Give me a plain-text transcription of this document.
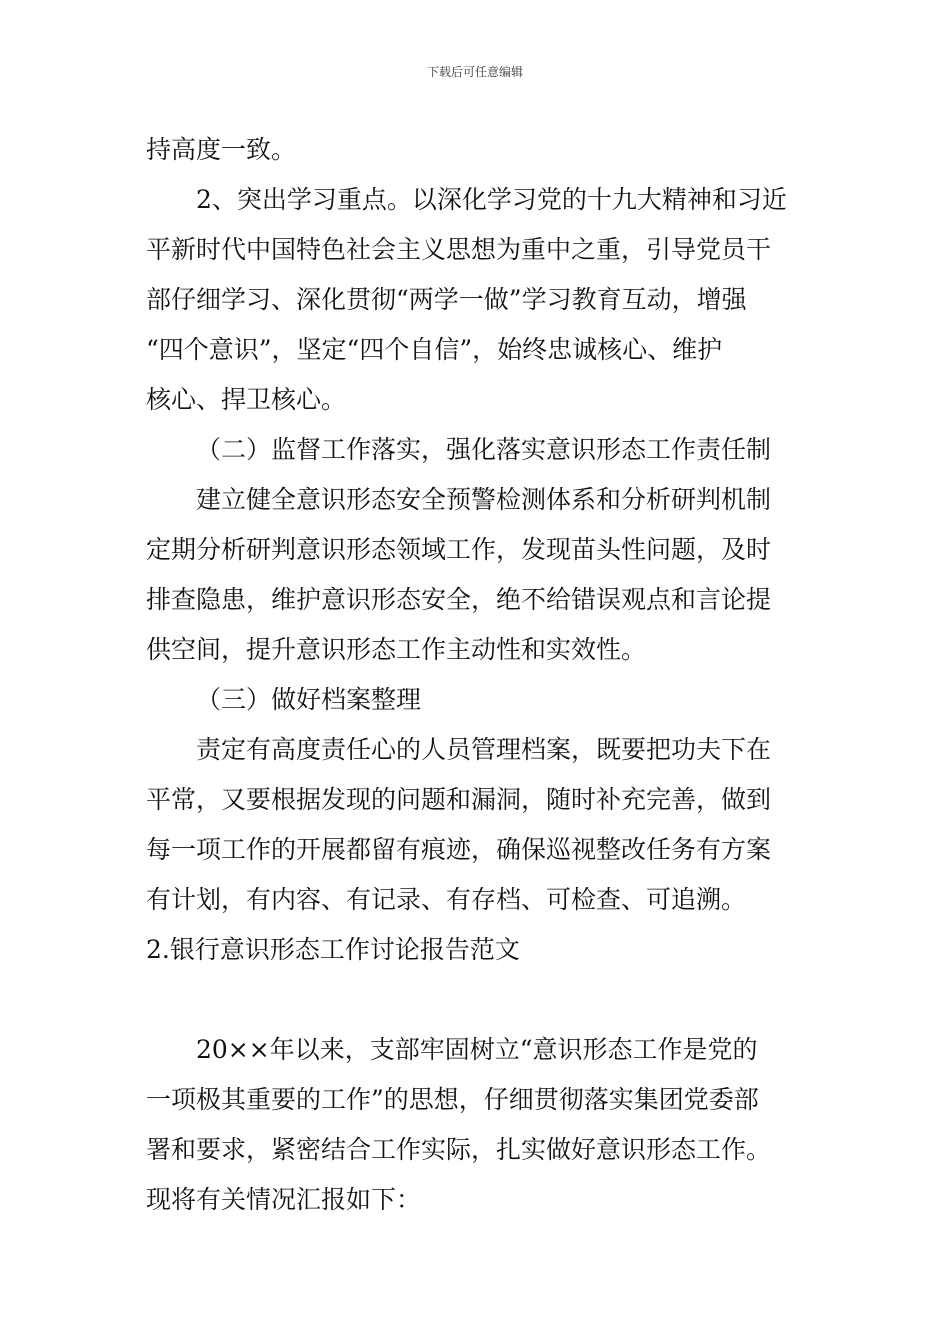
下载后可任意编辑
持高度一致。
2、突出学习重点。以深化学习党的十九大精神和习近
平新时代中国特色社会主义思想为重中之重，引导党员干
部仔细学习、深化贯彻“两学一做”学习教育互动，增强
“四个意识”，坚定“四个自信”，始终忠诚核心、维护
核心、捍卫核心。
（二）监督工作落实，强化落实意识形态工作责任制
建立健全意识形态安全预警检测体系和分析研判机制
定期分析研判意识形态领域工作，发现苗头性问题，及时
排查隐患，维护意识形态安全，绝不给错误观点和言论提
供空间，提升意识形态工作主动性和实效性。
（三）做好档案整理
责定有高度责任心的人员管理档案，既要把功夫下在
平常，又要根据发现的问题和漏洞，随时补充完善，做到
每一项工作的开展都留有痕迹，确保巡视整改任务有方案
有计划，有内容、有记录、有存档、可检查、可追溯。
2.银行意识形态工作讨论报告范文
20××年以来，支部牢固树立“意识形态工作是党的
一项极其重要的工作”的思想，仔细贯彻落实集团党委部
署和要求，紧密结合工作实际，扎实做好意识形态工作。
现将有关情况汇报如下：
